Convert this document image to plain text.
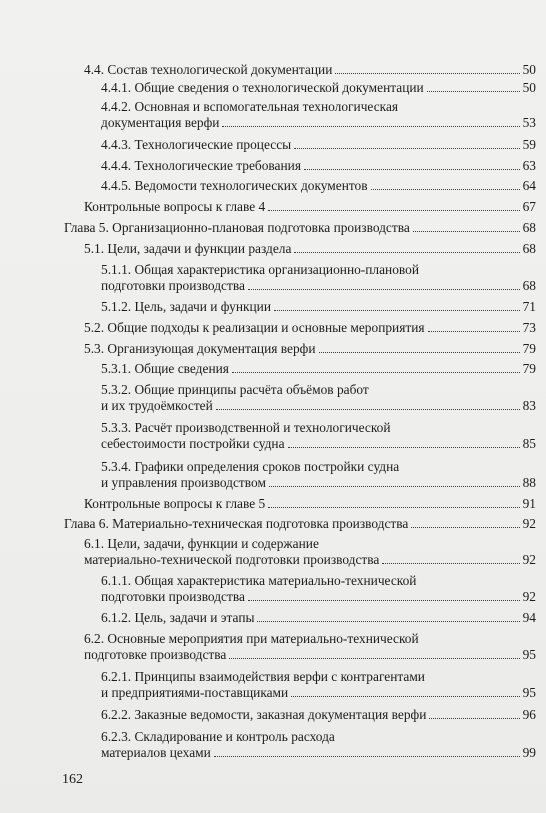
4.4. Состав технологической документации	50
4.4.1. Общие сведения о технологической документации	50
4.4.2. Основная и вспомогательная технологическая
документация верфи	53
4.4.3. Технологические процессы	59
4.4.4. Технологические требования	63
4.4.5. Ведомости технологических документов	64
Контрольные вопросы к главе 4	67
Глава 5. Организационно-плановая подготовка производства	68
5.1. Цели, задачи и функции раздела	68
5.1.1. Общая характеристика организационно-плановой
подготовки производства	68
5.1.2. Цель, задачи и функции	71
5.2. Общие подходы к реализации и основные мероприятия	73
5.3. Организующая документация верфи	79
5.3.1. Общие сведения	79
5.3.2. Общие принципы расчёта объёмов работ
и их трудоёмкостей	83
5.3.3. Расчёт производственной и технологической
себестоимости постройки судна	85
5.3.4. Графики определения сроков постройки судна
и управления производством	88
Контрольные вопросы к главе 5	91
Глава 6. Материально-техническая подготовка производства	92
6.1. Цели, задачи, функции и содержание
материально-технической подготовки производства	92
6.1.1. Общая характеристика материально-технической
подготовки производства	92
6.1.2. Цель, задачи и этапы	94
6.2. Основные мероприятия при материально-технической
подготовке производства	95
6.2.1. Принципы взаимодействия верфи с контрагентами
и предприятиями-поставщиками	95
6.2.2. Заказные ведомости, заказная документация верфи	96
6.2.3. Складирование и контроль расхода
материалов цехами	99
162
